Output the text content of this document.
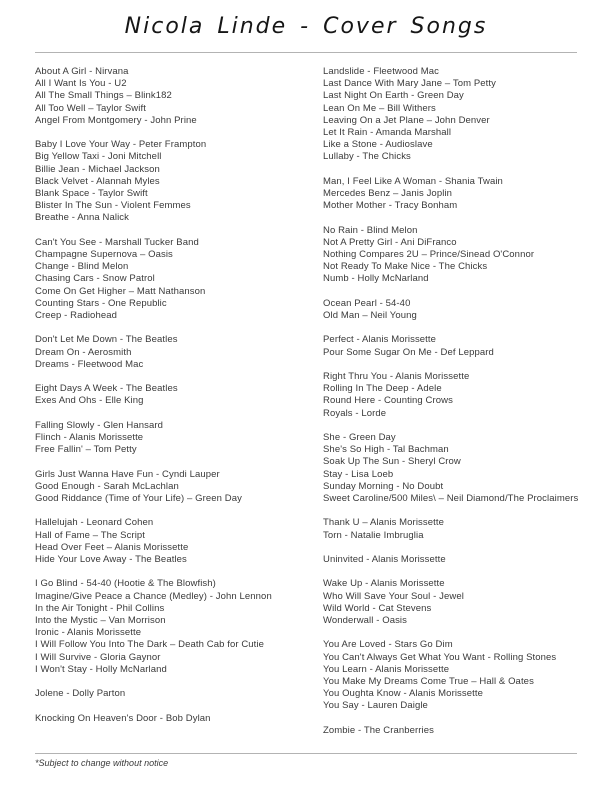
Nicola Linde - Cover Songs
About A Girl - Nirvana
All I Want Is You - U2
All The Small Things – Blink182
All Too Well – Taylor Swift
Angel From Montgomery - John Prine
Baby I Love Your Way - Peter Frampton
Big Yellow Taxi - Joni Mitchell
Billie Jean - Michael Jackson
Black Velvet - Alannah Myles
Blank Space - Taylor Swift
Blister In The Sun - Violent Femmes
Breathe - Anna Nalick
Can't You See - Marshall Tucker Band
Champagne Supernova – Oasis
Change - Blind Melon
Chasing Cars - Snow Patrol
Come On Get Higher – Matt Nathanson
Counting Stars - One Republic
Creep - Radiohead
Don't Let Me Down - The Beatles
Dream On - Aerosmith
Dreams - Fleetwood Mac
Eight Days A Week - The Beatles
Exes And Ohs - Elle King
Falling Slowly - Glen Hansard
Flinch - Alanis Morissette
Free Fallin' – Tom Petty
Girls Just Wanna Have Fun - Cyndi Lauper
Good Enough - Sarah McLachlan
Good Riddance (Time of Your Life) – Green Day
Hallelujah - Leonard Cohen
Hall of Fame – The Script
Head Over Feet – Alanis Morissette
Hide Your Love Away - The Beatles
I Go Blind - 54-40 (Hootie & The Blowfish)
Imagine/Give Peace a Chance (Medley) - John Lennon
In the Air Tonight - Phil Collins
Into the Mystic – Van Morrison
Ironic - Alanis Morissette
I Will Follow You Into The Dark – Death Cab for Cutie
I Will Survive - Gloria Gaynor
I Won't Stay - Holly McNarland
Jolene - Dolly Parton
Knocking On Heaven's Door - Bob Dylan
Landslide - Fleetwood Mac
Last Dance With Mary Jane – Tom Petty
Last Night On Earth - Green Day
Lean On Me – Bill Withers
Leaving On a Jet Plane – John Denver
Let It Rain - Amanda Marshall
Like a Stone - Audioslave
Lullaby - The Chicks
Man, I Feel Like A Woman - Shania Twain
Mercedes Benz – Janis Joplin
Mother Mother - Tracy Bonham
No Rain - Blind Melon
Not A Pretty Girl - Ani DiFranco
Nothing Compares 2U – Prince/Sinead O'Connor
Not Ready To Make Nice - The Chicks
Numb - Holly McNarland
Ocean Pearl - 54-40
Old Man – Neil Young
Perfect - Alanis Morissette
Pour Some Sugar On Me - Def Leppard
Right Thru You - Alanis Morissette
Rolling In The Deep - Adele
Round Here - Counting Crows
Royals - Lorde
She - Green Day
She's So High - Tal Bachman
Soak Up The Sun - Sheryl Crow
Stay - Lisa Loeb
Sunday Morning - No Doubt
Sweet Caroline/500 Miles\ – Neil Diamond/The Proclaimers
Thank U – Alanis Morissette
Torn - Natalie Imbruglia
Uninvited - Alanis Morissette
Wake Up - Alanis Morissette
Who Will Save Your Soul - Jewel
Wild World - Cat Stevens
Wonderwall - Oasis
You Are Loved - Stars Go Dim
You Can't Always Get What You Want - Rolling Stones
You Learn - Alanis Morissette
You Make My Dreams Come True – Hall & Oates
You Oughta Know - Alanis Morissette
You Say - Lauren Daigle
Zombie - The Cranberries
*Subject to change without notice
